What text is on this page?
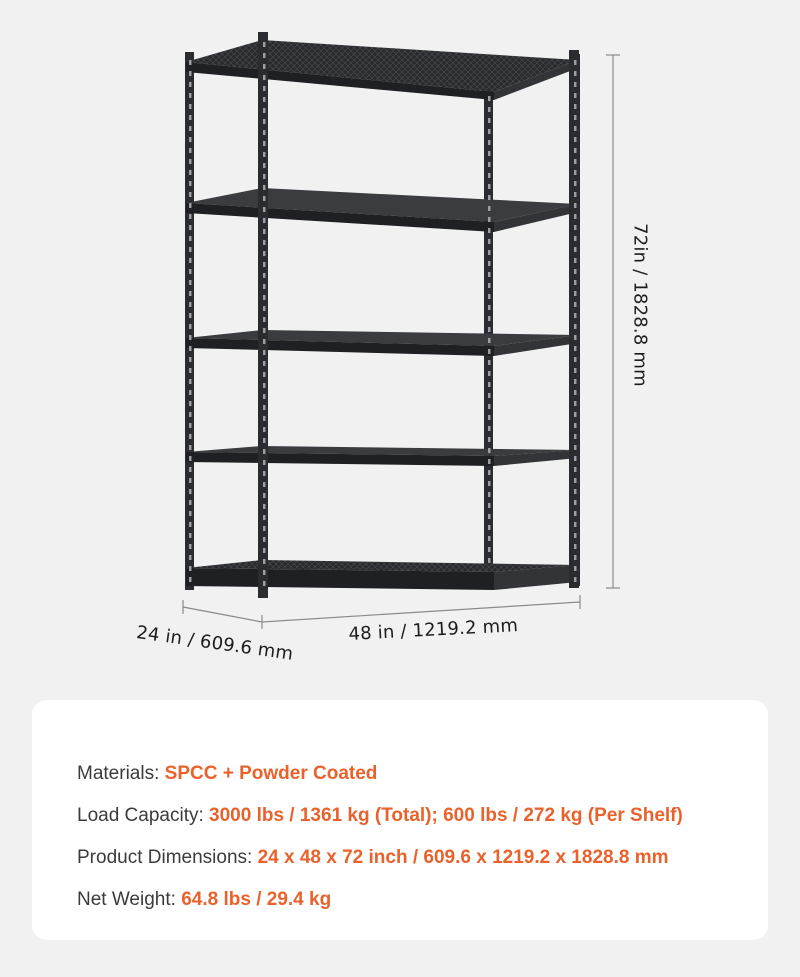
72in / 1828.8 mm
24 in / 609.6 mm	48 in / 1219.2 mm
Materials: SPCC + Powder Coated
Load Capacity: 3000 lbs / 1361 kg (Total); 600 lbs / 272 kg (Per Shelf)
Product Dimensions: 24 x 48 x 72 inch / 609.6 x 1219.2 x 1828.8 mm
Net Weight: 64.8 lbs / 29.4 kg
